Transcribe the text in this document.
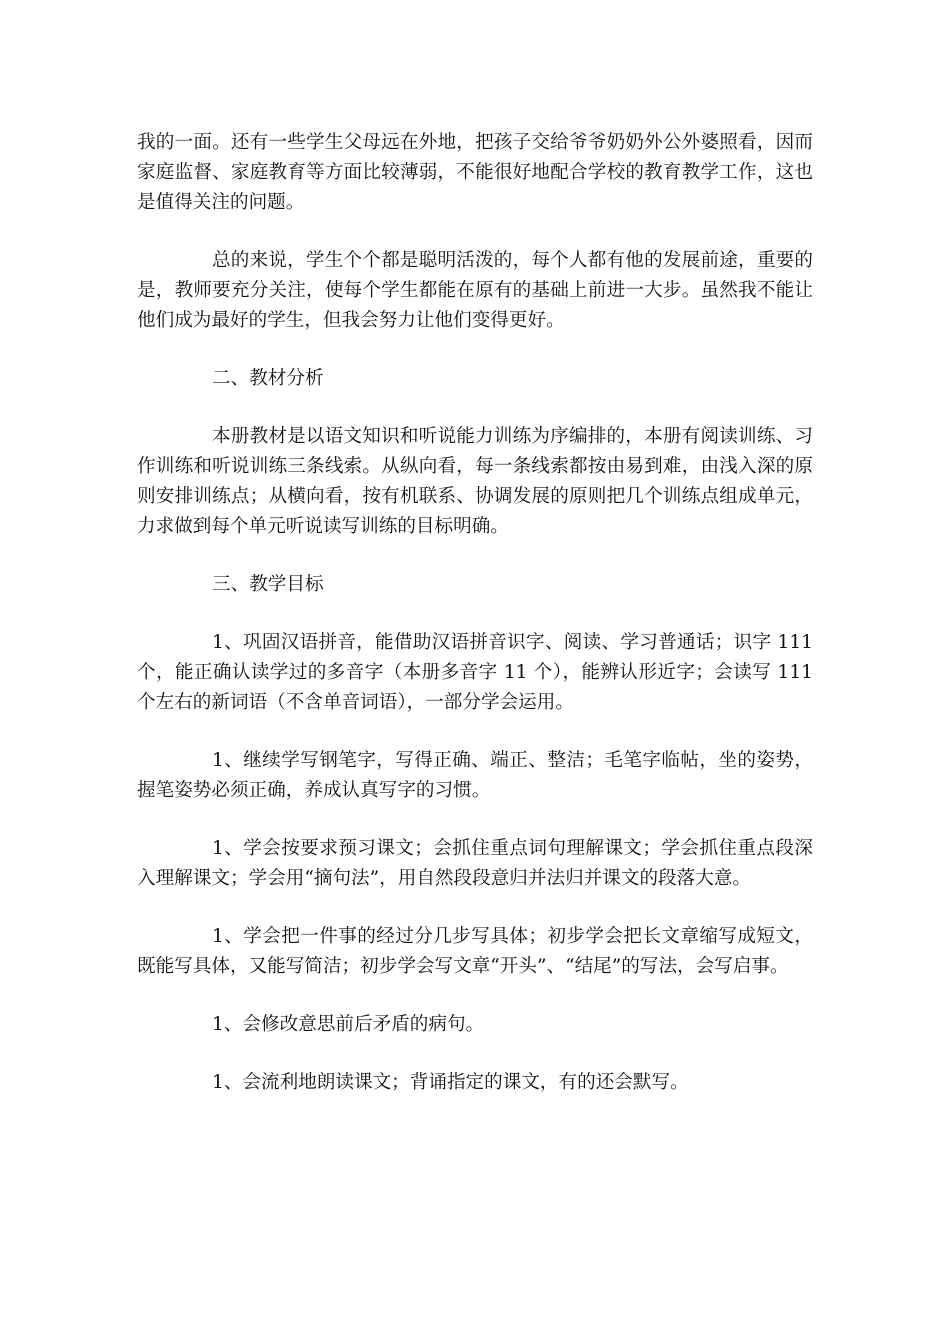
我的一面。还有一些学生父母远在外地，把孩子交给爷爷奶奶外公外婆照看，因而家庭监督、家庭教育等方面比较薄弱，不能很好地配合学校的教育教学工作，这也是值得关注的问题。

总的来说，学生个个都是聪明活泼的，每个人都有他的发展前途，重要的是，教师要充分关注，使每个学生都能在原有的基础上前进一大步。虽然我不能让他们成为最好的学生，但我会努力让他们变得更好。

二、教材分析

本册教材是以语文知识和听说能力训练为序编排的，本册有阅读训练、习作训练和听说训练三条线索。从纵向看，每一条线索都按由易到难，由浅入深的原则安排训练点；从横向看，按有机联系、协调发展的原则把几个训练点组成单元，力求做到每个单元听说读写训练的目标明确。

三、教学目标

1、巩固汉语拼音，能借助汉语拼音识字、阅读、学习普通话；识字 111 个，能正确认读学过的多音字（本册多音字 11 个），能辨认形近字；会读写 111 个左右的新词语（不含单音词语），一部分学会运用。

1、继续学写钢笔字，写得正确、端正、整洁；毛笔字临帖，坐的姿势，握笔姿势必须正确，养成认真写字的习惯。

1、学会按要求预习课文；会抓住重点词句理解课文；学会抓住重点段深入理解课文；学会用“摘句法”，用自然段段意归并法归并课文的段落大意。

1、学会把一件事的经过分几步写具体；初步学会把长文章缩写成短文，既能写具体，又能写简洁；初步学会写文章“开头”、“结尾”的写法，会写启事。

1、会修改意思前后矛盾的病句。

1、会流利地朗读课文；背诵指定的课文，有的还会默写。
